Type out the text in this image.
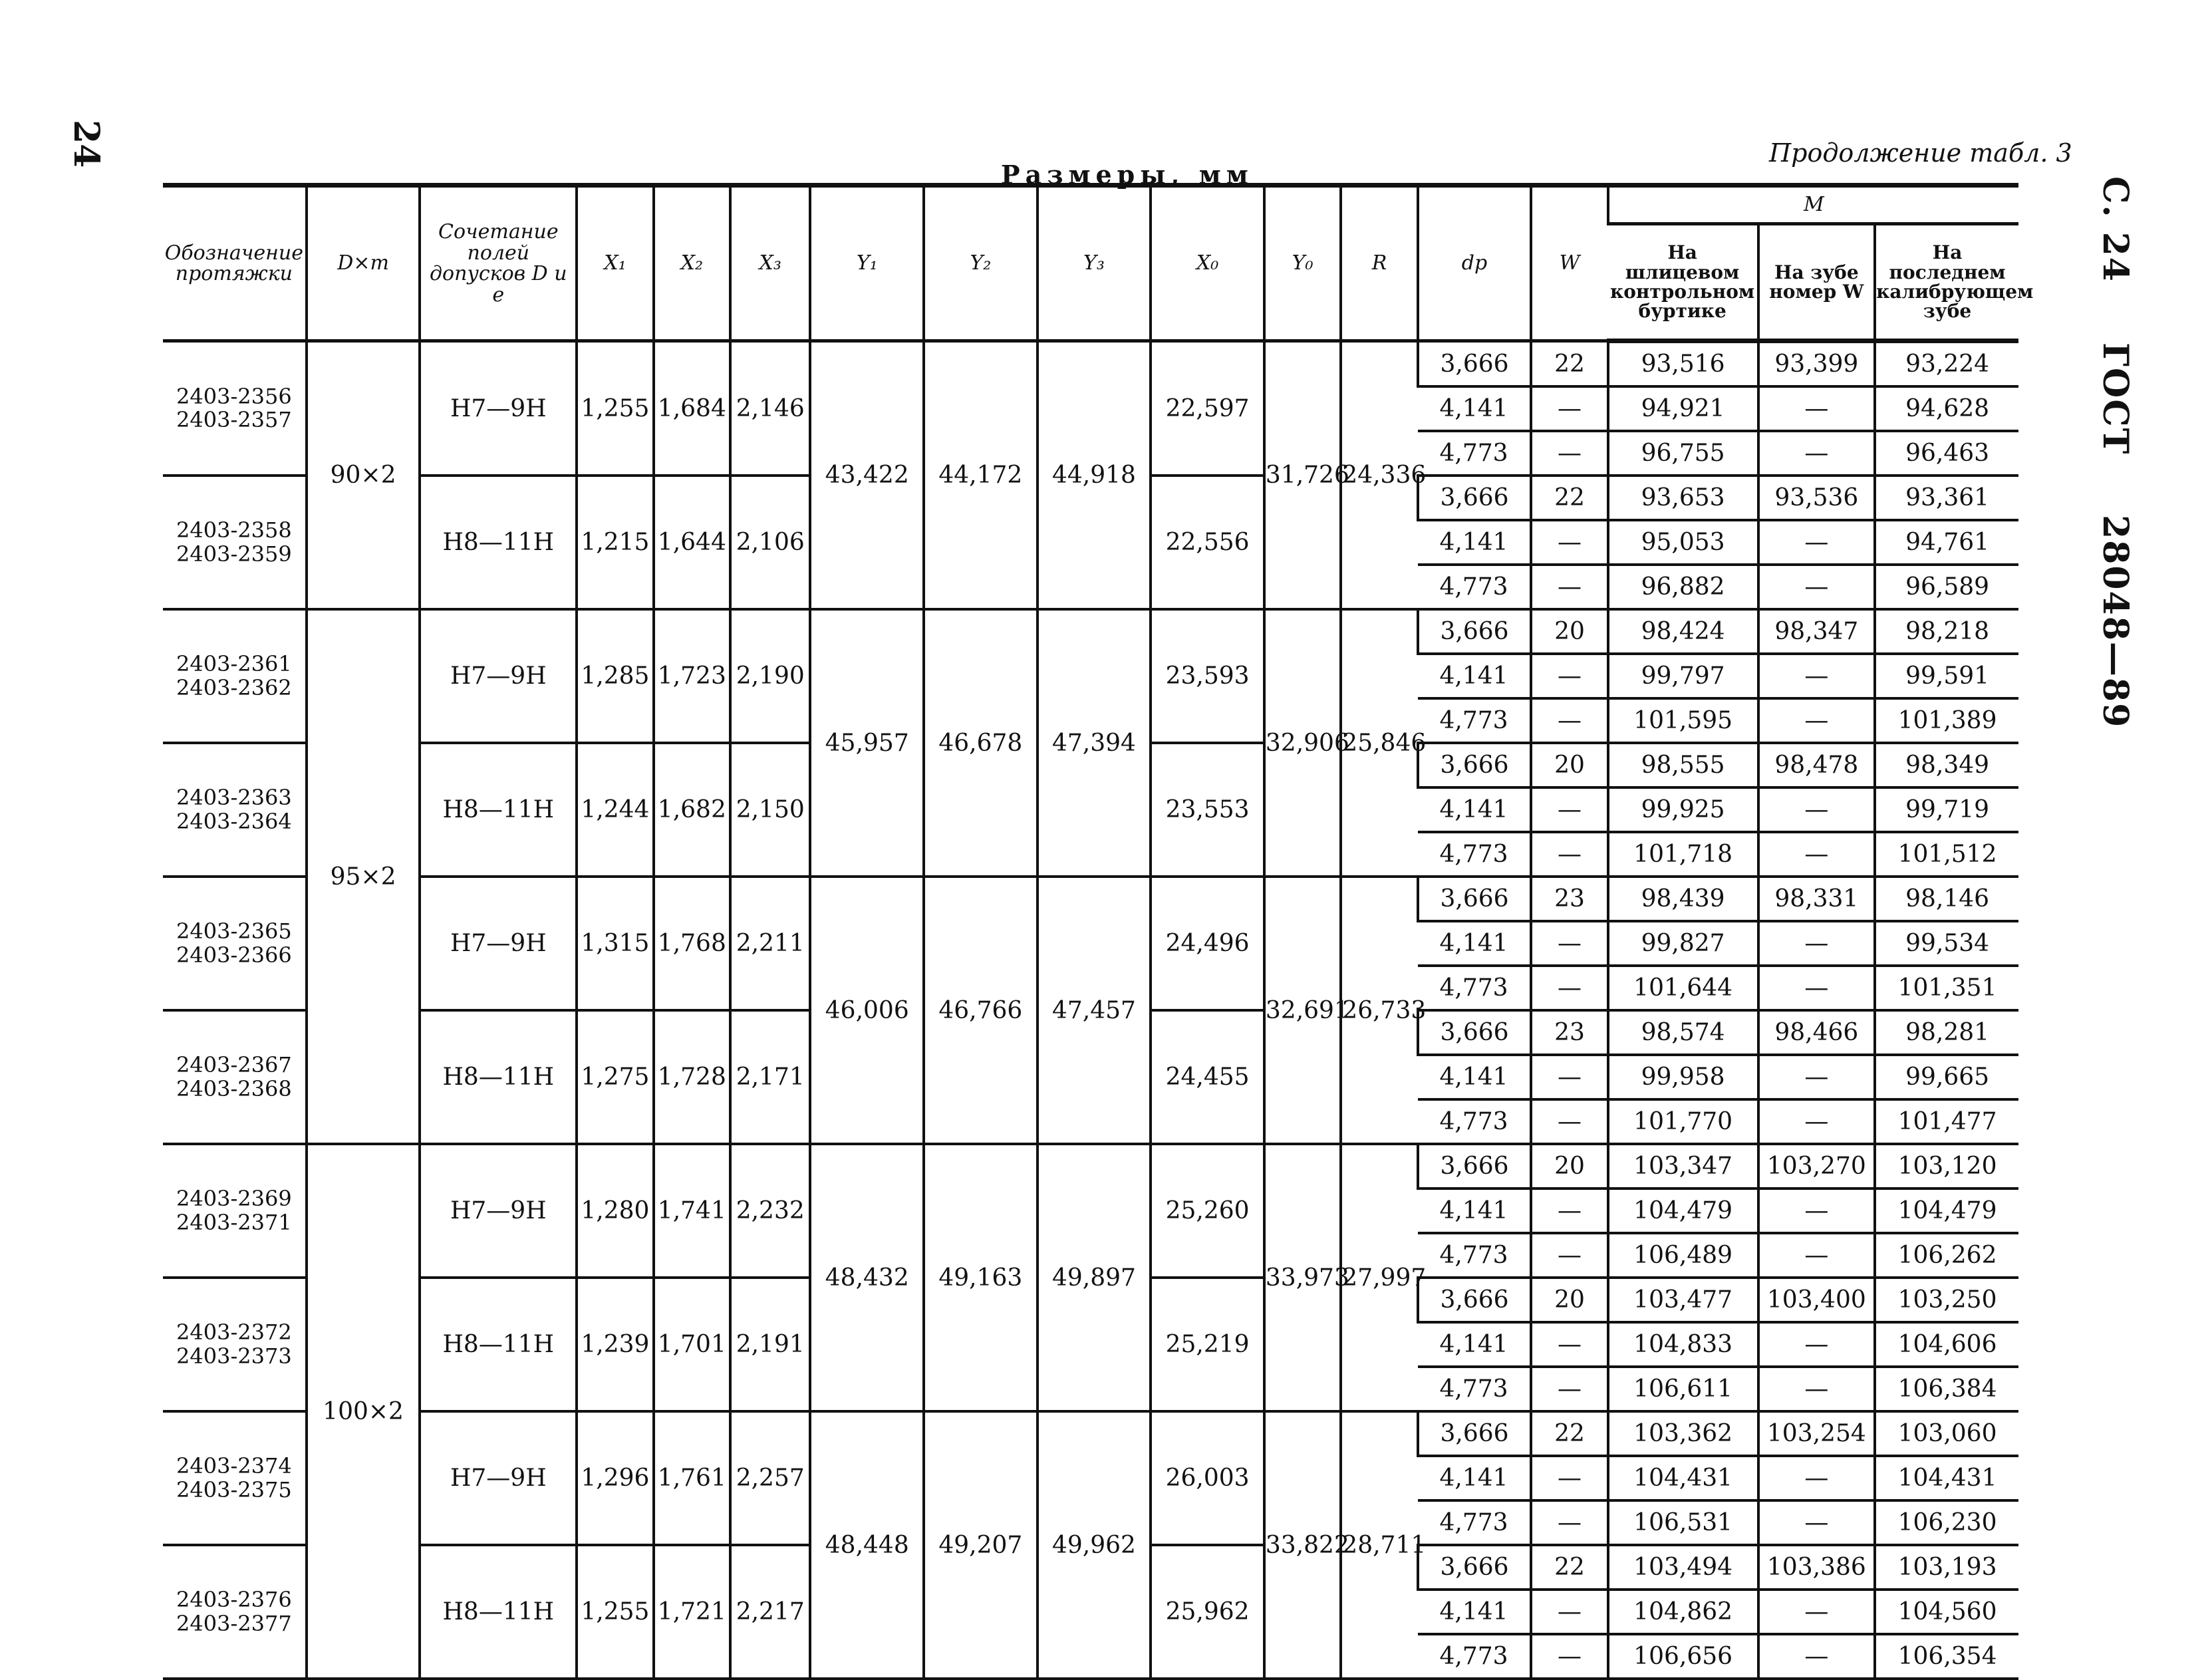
24
С. 24 ГОСТ 28048—89
Продолжение табл. 3
Размеры, мм
Обозначение протяжки	D×m	Сочетание полей допусков D и e	X₁	X₂	X₃	Y₁	Y₂	Y₃	X₀	Y₀	R	dp	W	M		
														На шлицевом контрольном буртике	На зубе номер W	На последнем калибрующем зубе

2403-2356
2403-2357	90×2	H7—9H	1,255	1,684	2,146	43,422	44,172	44,918	22,597	31,726	24,336	3,666	22	93,516	93,399	93,224
												4,141	—	94,921	—	94,628
												4,773	—	96,755	—	96,463

2403-2358
2403-2359		H8—11H	1,215	1,644	2,106				22,556			3,666	22	93,653	93,536	93,361
												4,141	—	95,053	—	94,761
												4,773	—	96,882	—	96,589

2403-2361
2403-2362	95×2	H7—9H	1,285	1,723	2,190	45,957	46,678	47,394	23,593	32,906	25,846	3,666	20	98,424	98,347	98,218
												4,141	—	99,797	—	99,591
												4,773	—	101,595	—	101,389

2403-2363
2403-2364		H8—11H	1,244	1,682	2,150				23,553			3,666	20	98,555	98,478	98,349
												4,141	—	99,925	—	99,719
												4,773	—	101,718	—	101,512

2403-2365
2403-2366		H7—9H	1,315	1,768	2,211	46,006	46,766	47,457	24,496	32,691	26,733	3,666	23	98,439	98,331	98,146
												4,141	—	99,827	—	99,534
												4,773	—	101,644	—	101,351

2403-2367
2403-2368		H8—11H	1,275	1,728	2,171				24,455			3,666	23	98,574	98,466	98,281
												4,141	—	99,958	—	99,665
												4,773	—	101,770	—	101,477

2403-2369
2403-2371	100×2	H7—9H	1,280	1,741	2,232	48,432	49,163	49,897	25,260	33,973	27,997	3,666	20	103,347	103,270	103,120
												4,141	—	104,479	—	104,479
												4,773	—	106,489	—	106,262

2403-2372
2403-2373		H8—11H	1,239	1,701	2,191				25,219			3,666	20	103,477	103,400	103,250
												4,141	—	104,833	—	104,606
												4,773	—	106,611	—	106,384

2403-2374
2403-2375		H7—9H	1,296	1,761	2,257	48,448	49,207	49,962	26,003	33,822	28,711	3,666	22	103,362	103,254	103,060
												4,141	—	104,431	—	104,431
												4,773	—	106,531	—	106,230

2403-2376
2403-2377		H8—11H	1,255	1,721	2,217				25,962			3,666	22	103,494	103,386	103,193
												4,141	—	104,862	—	104,560
												4,773	—	106,656	—	106,354
